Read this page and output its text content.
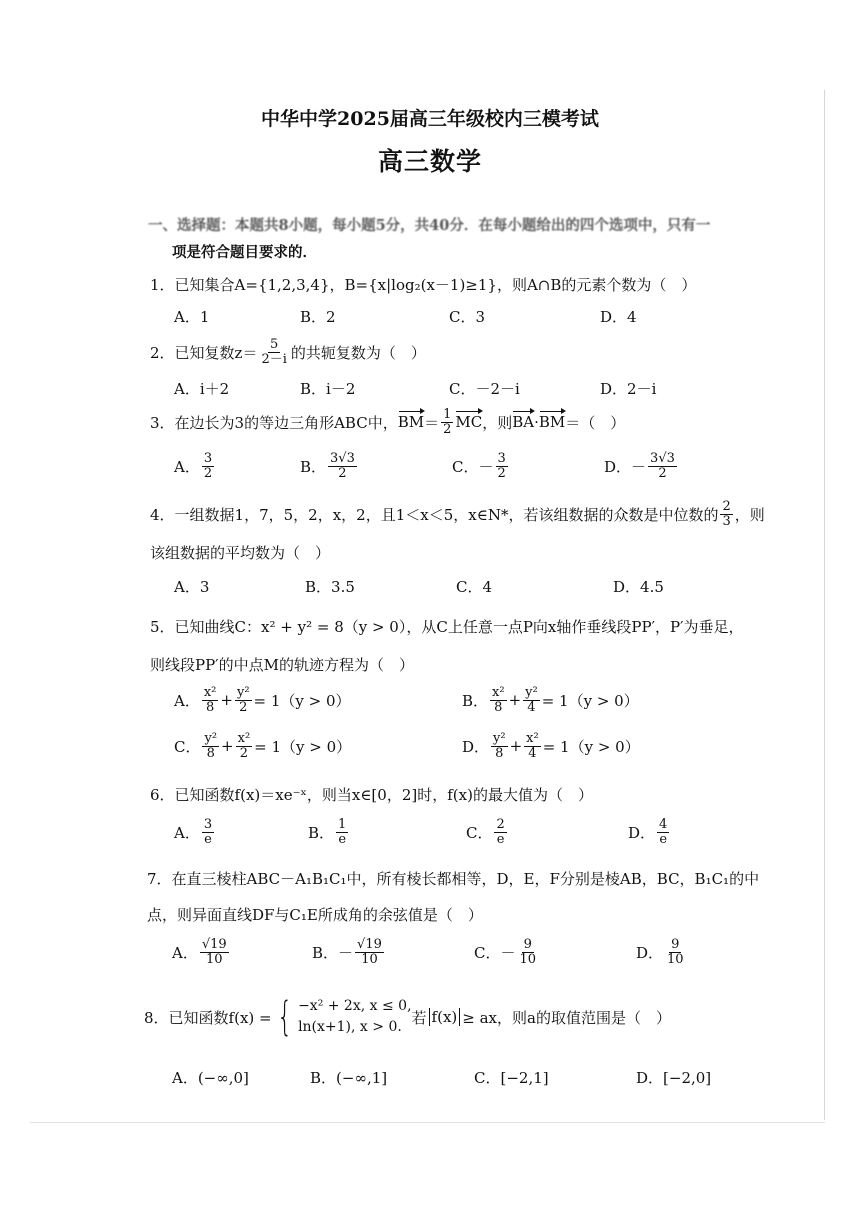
中华中学2025届高三年级校内三模考试
高三数学
一、选择题：本题共8小题，每小题5分，共40分．在每小题给出的四个选项中，只有一
项是符合题目要求的．
1．已知集合A={1,2,3,4}，B={x|log₂(x－1)≥1}，则A∩B的元素个数为（　）
A．1	B．2	C．3	D．4
2．已知复数$z= \frac{5}{2-i}$ 的共轭复数为（　）
A．i＋2	B．i－2	C．－2－i	D．2－i
3．在边长为3的等边三角形ABC中， BM ＝ $\frac{1}{2}$ MC ，则 BA · BM ＝（　）
A． $\frac{3}{2}$	B． $\frac{3√3}{2}$	C． － $\frac{3}{2}$	D． － $\frac{3√3}{2}$
4．一组数据1，7，5，2，x，2，且1＜x＜5，x∈N*，若该组数据的众数是中位数的 $\frac{2}{3}$ ，则
该组数据的平均数为（　）
A．3	B．3.5	C．4	D．4.5
5．已知曲线C：x² + y² = 8（y > 0），从C上任意一点P向x轴作垂线段PP′，P′为垂足，
则线段PP′的中点M的轨迹方程为（　）
A． $\frac{\text{x²}}{8} + \frac{\text{y²}}{2} = 1(y > 0)$	B． $\frac{\text{x²}}{8} + \frac{\text{y²}}{4} = 1(y > 0)$
C． $\frac{\text{y²}}{8} + \frac{\text{x²}}{2} = 1(y > 0)$	D． $\frac{\text{y²}}{8} + \frac{\text{x²}}{4} = 1(y > 0)$
6．已知函数f(x)＝xe⁻ˣ，则当x∈[0，2]时，f(x)的最大值为（　）
A． $\frac{3}{e}$	B． $\frac{1}{e}$	C． $\frac{2}{e}$	D． $\frac{4}{e}$
7．在直三棱柱ABC－A₁B₁C₁中，所有棱长都相等，D，E，F分别是棱AB，BC，B₁C₁的中
点，则异面直线DF与C₁E所成角的余弦值是（　）
A． $\frac{√19}{10}$	B． － $\frac{√19}{10}$	C． － $\frac{9}{10}$	D． $\frac{9}{10}$
8．已知函数f(x) = { −x² + 2x, x ≤ 0,
ln(x+1), x > 0.
若 f(x) ≥ ax，则a的取值范围是（　）
A．(−∞,0]	B．(−∞,1]	C．[−2,1]	D．[−2,0]
